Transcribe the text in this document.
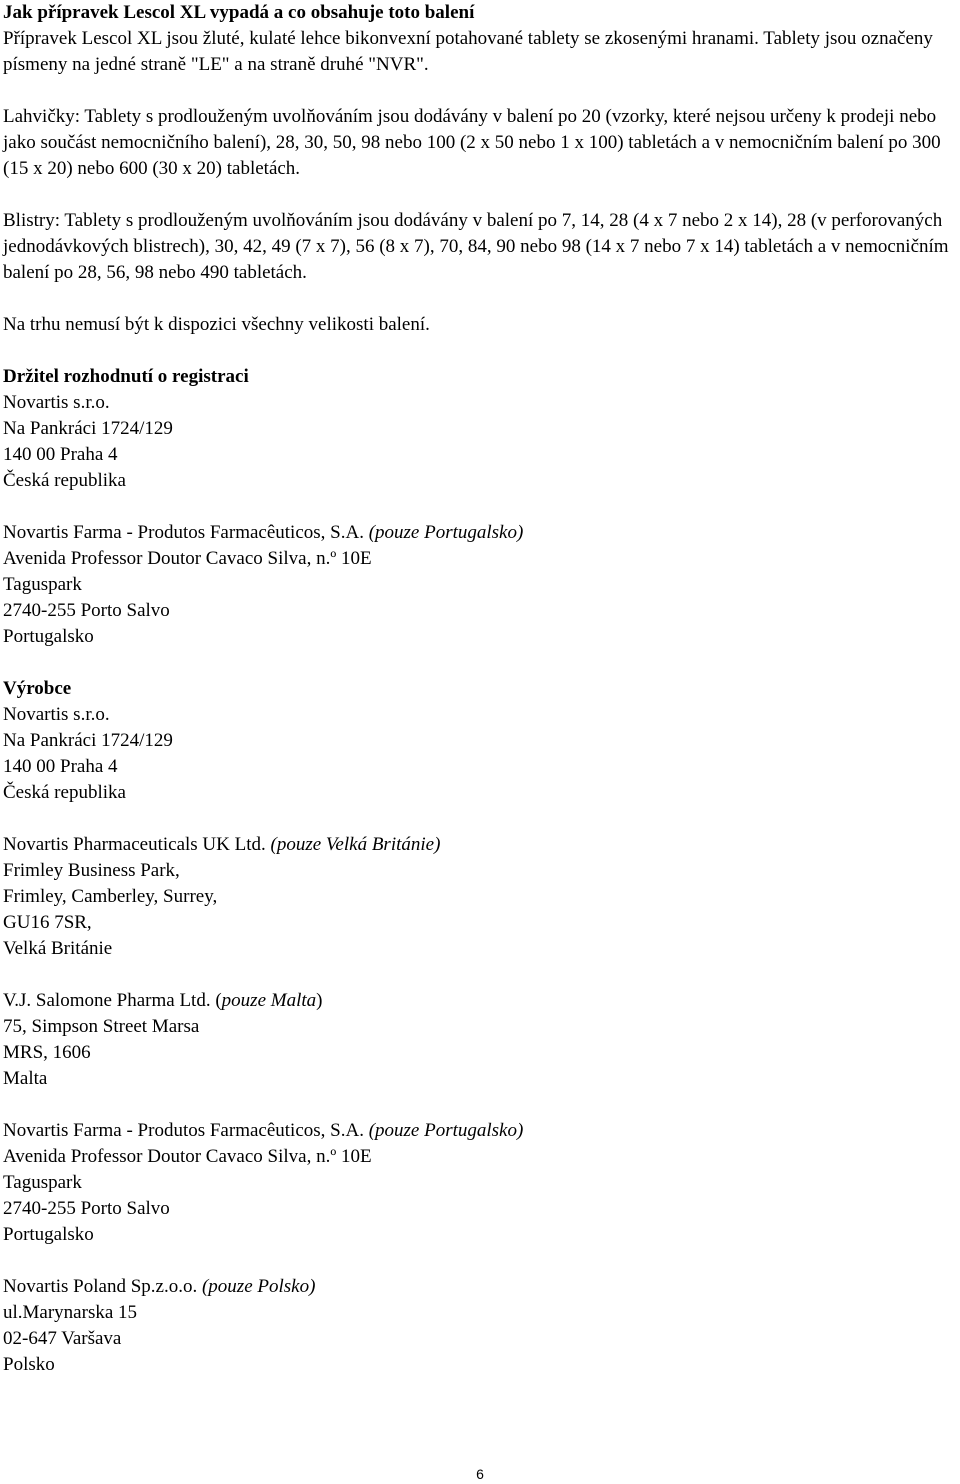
Jak přípravek Lescol XL vypadá a co obsahuje toto balení

Přípravek Lescol XL jsou žluté, kulaté lehce bikonvexní potahované tablety se zkosenými hranami. Tablety jsou označeny písmeny na jedné straně "LE" a na straně druhé "NVR".

Lahvičky: Tablety s prodlouženým uvolňováním jsou dodávány v balení po 20 (vzorky, které nejsou určeny k prodeji nebo jako součást nemocničního balení), 28, 30, 50, 98 nebo 100 (2 x 50 nebo 1 x 100) tabletách a v nemocničním balení po 300 (15 x 20) nebo 600 (30 x 20) tabletách.

Blistry: Tablety s prodlouženým uvolňováním jsou dodávány v balení po 7, 14, 28 (4 x 7 nebo 2 x 14), 28 (v perforovaných jednodávkových blistrech), 30, 42, 49 (7 x 7), 56 (8 x 7), 70, 84, 90 nebo 98 (14 x 7 nebo 7 x 14) tabletách a v nemocničním balení po 28, 56, 98 nebo 490 tabletách.

Na trhu nemusí být k dispozici všechny velikosti balení.

Držitel rozhodnutí o registraci

Novartis s.r.o.

Na Pankráci 1724/129

140 00 Praha 4

Česká republika

Novartis Farma - Produtos Farmacêuticos, S.A. (pouze Portugalsko)

Avenida Professor Doutor Cavaco Silva, n.º 10E

Taguspark

2740-255 Porto Salvo

Portugalsko

Výrobce

Novartis s.r.o.

Na Pankráci 1724/129

140 00 Praha 4

Česká republika

Novartis Pharmaceuticals UK Ltd. (pouze Velká Británie)

Frimley Business Park,

Frimley, Camberley, Surrey,

GU16 7SR,

Velká Británie

V.J. Salomone Pharma Ltd. (pouze Malta)

75, Simpson Street Marsa

MRS, 1606

Malta

Novartis Farma - Produtos Farmacêuticos, S.A. (pouze Portugalsko)

Avenida Professor Doutor Cavaco Silva, n.º 10E

Taguspark

2740-255 Porto Salvo

Portugalsko

Novartis Poland Sp.z.o.o. (pouze Polsko)

ul.Marynarska 15

02-647 Varšava

Polsko

6
